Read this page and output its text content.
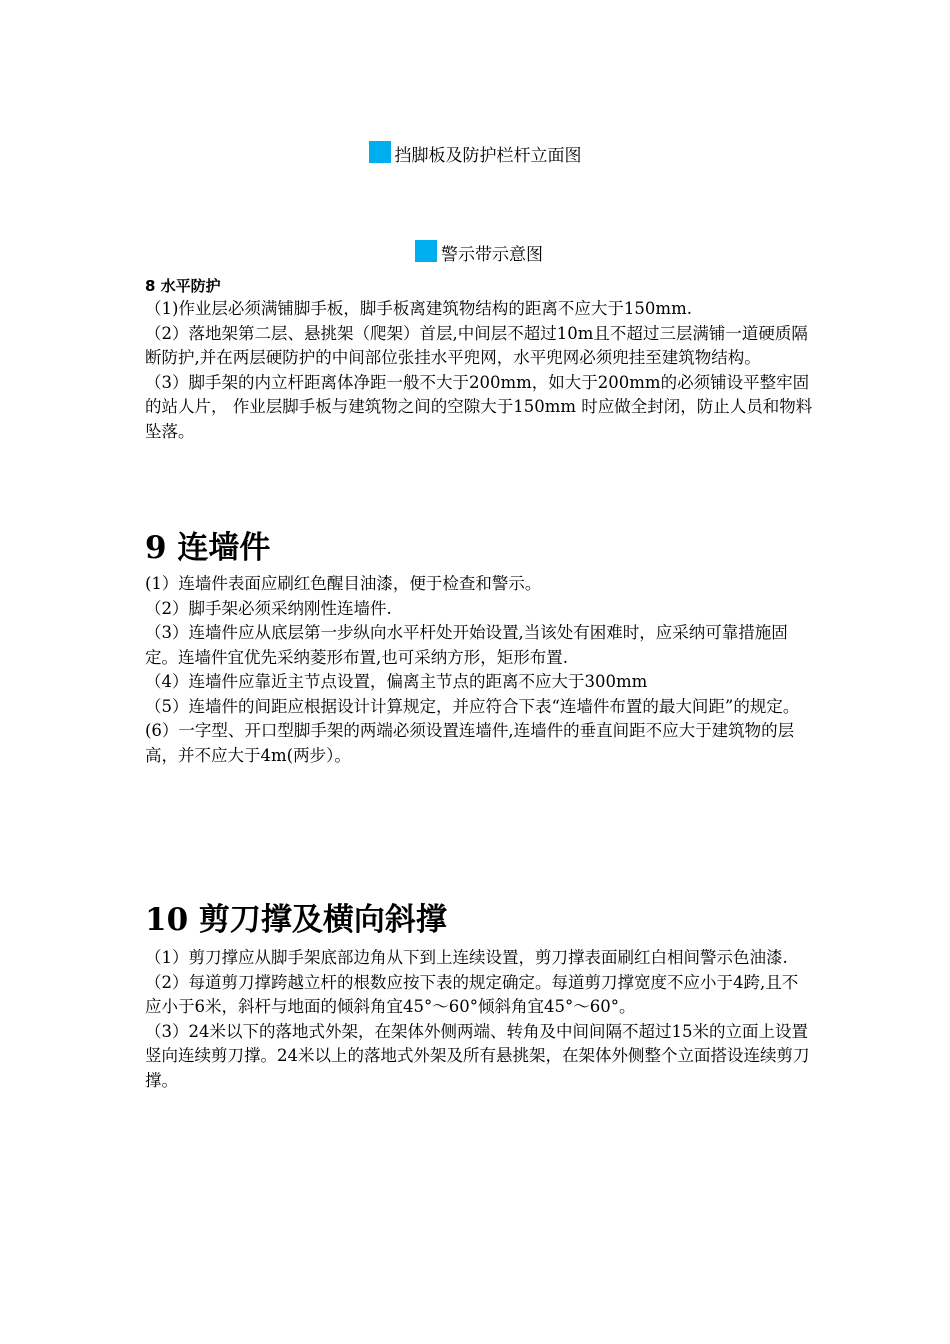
挡脚板及防护栏杆立面图
警示带示意图
8 水平防护

（1)作业层必须满铺脚手板，脚手板离建筑物结构的距离不应大于150mm.

（2）落地架第二层、悬挑架（爬架）首层,中间层不超过10m且不超过三层满铺一道硬质隔断防护,并在两层硬防护的中间部位张挂水平兜网，水平兜网必须兜挂至建筑物结构。

（3）脚手架的内立杆距离体净距一般不大于200mm，如大于200mm的必须铺设平整牢固的站人片， 作业层脚手板与建筑物之间的空隙大于150mm 时应做全封闭，防止人员和物料坠落。

9 连墙件

(1）连墙件表面应刷红色醒目油漆，便于检查和警示。

（2）脚手架必须采纳刚性连墙件.

（3）连墙件应从底层第一步纵向水平杆处开始设置,当该处有困难时，应采纳可靠措施固定。连墙件宜优先采纳菱形布置,也可采纳方形，矩形布置.

（4）连墙件应靠近主节点设置，偏离主节点的距离不应大于300mm

（5）连墙件的间距应根据设计计算规定，并应符合下表“连墙件布置的最大间距”的规定。

(6）一字型、开口型脚手架的两端必须设置连墙件,连墙件的垂直间距不应大于建筑物的层高，并不应大于4m(两步）。

10 剪刀撑及横向斜撑

（1）剪刀撑应从脚手架底部边角从下到上连续设置，剪刀撑表面刷红白相间警示色油漆.

（2）每道剪刀撑跨越立杆的根数应按下表的规定确定。每道剪刀撑宽度不应小于4跨,且不应小于6米，斜杆与地面的倾斜角宜45°～60°倾斜角宜45°～60°。

（3）24米以下的落地式外架，在架体外侧两端、转角及中间间隔不超过15米的立面上设置竖向连续剪刀撑。24米以上的落地式外架及所有悬挑架，在架体外侧整个立面搭设连续剪刀撑。
